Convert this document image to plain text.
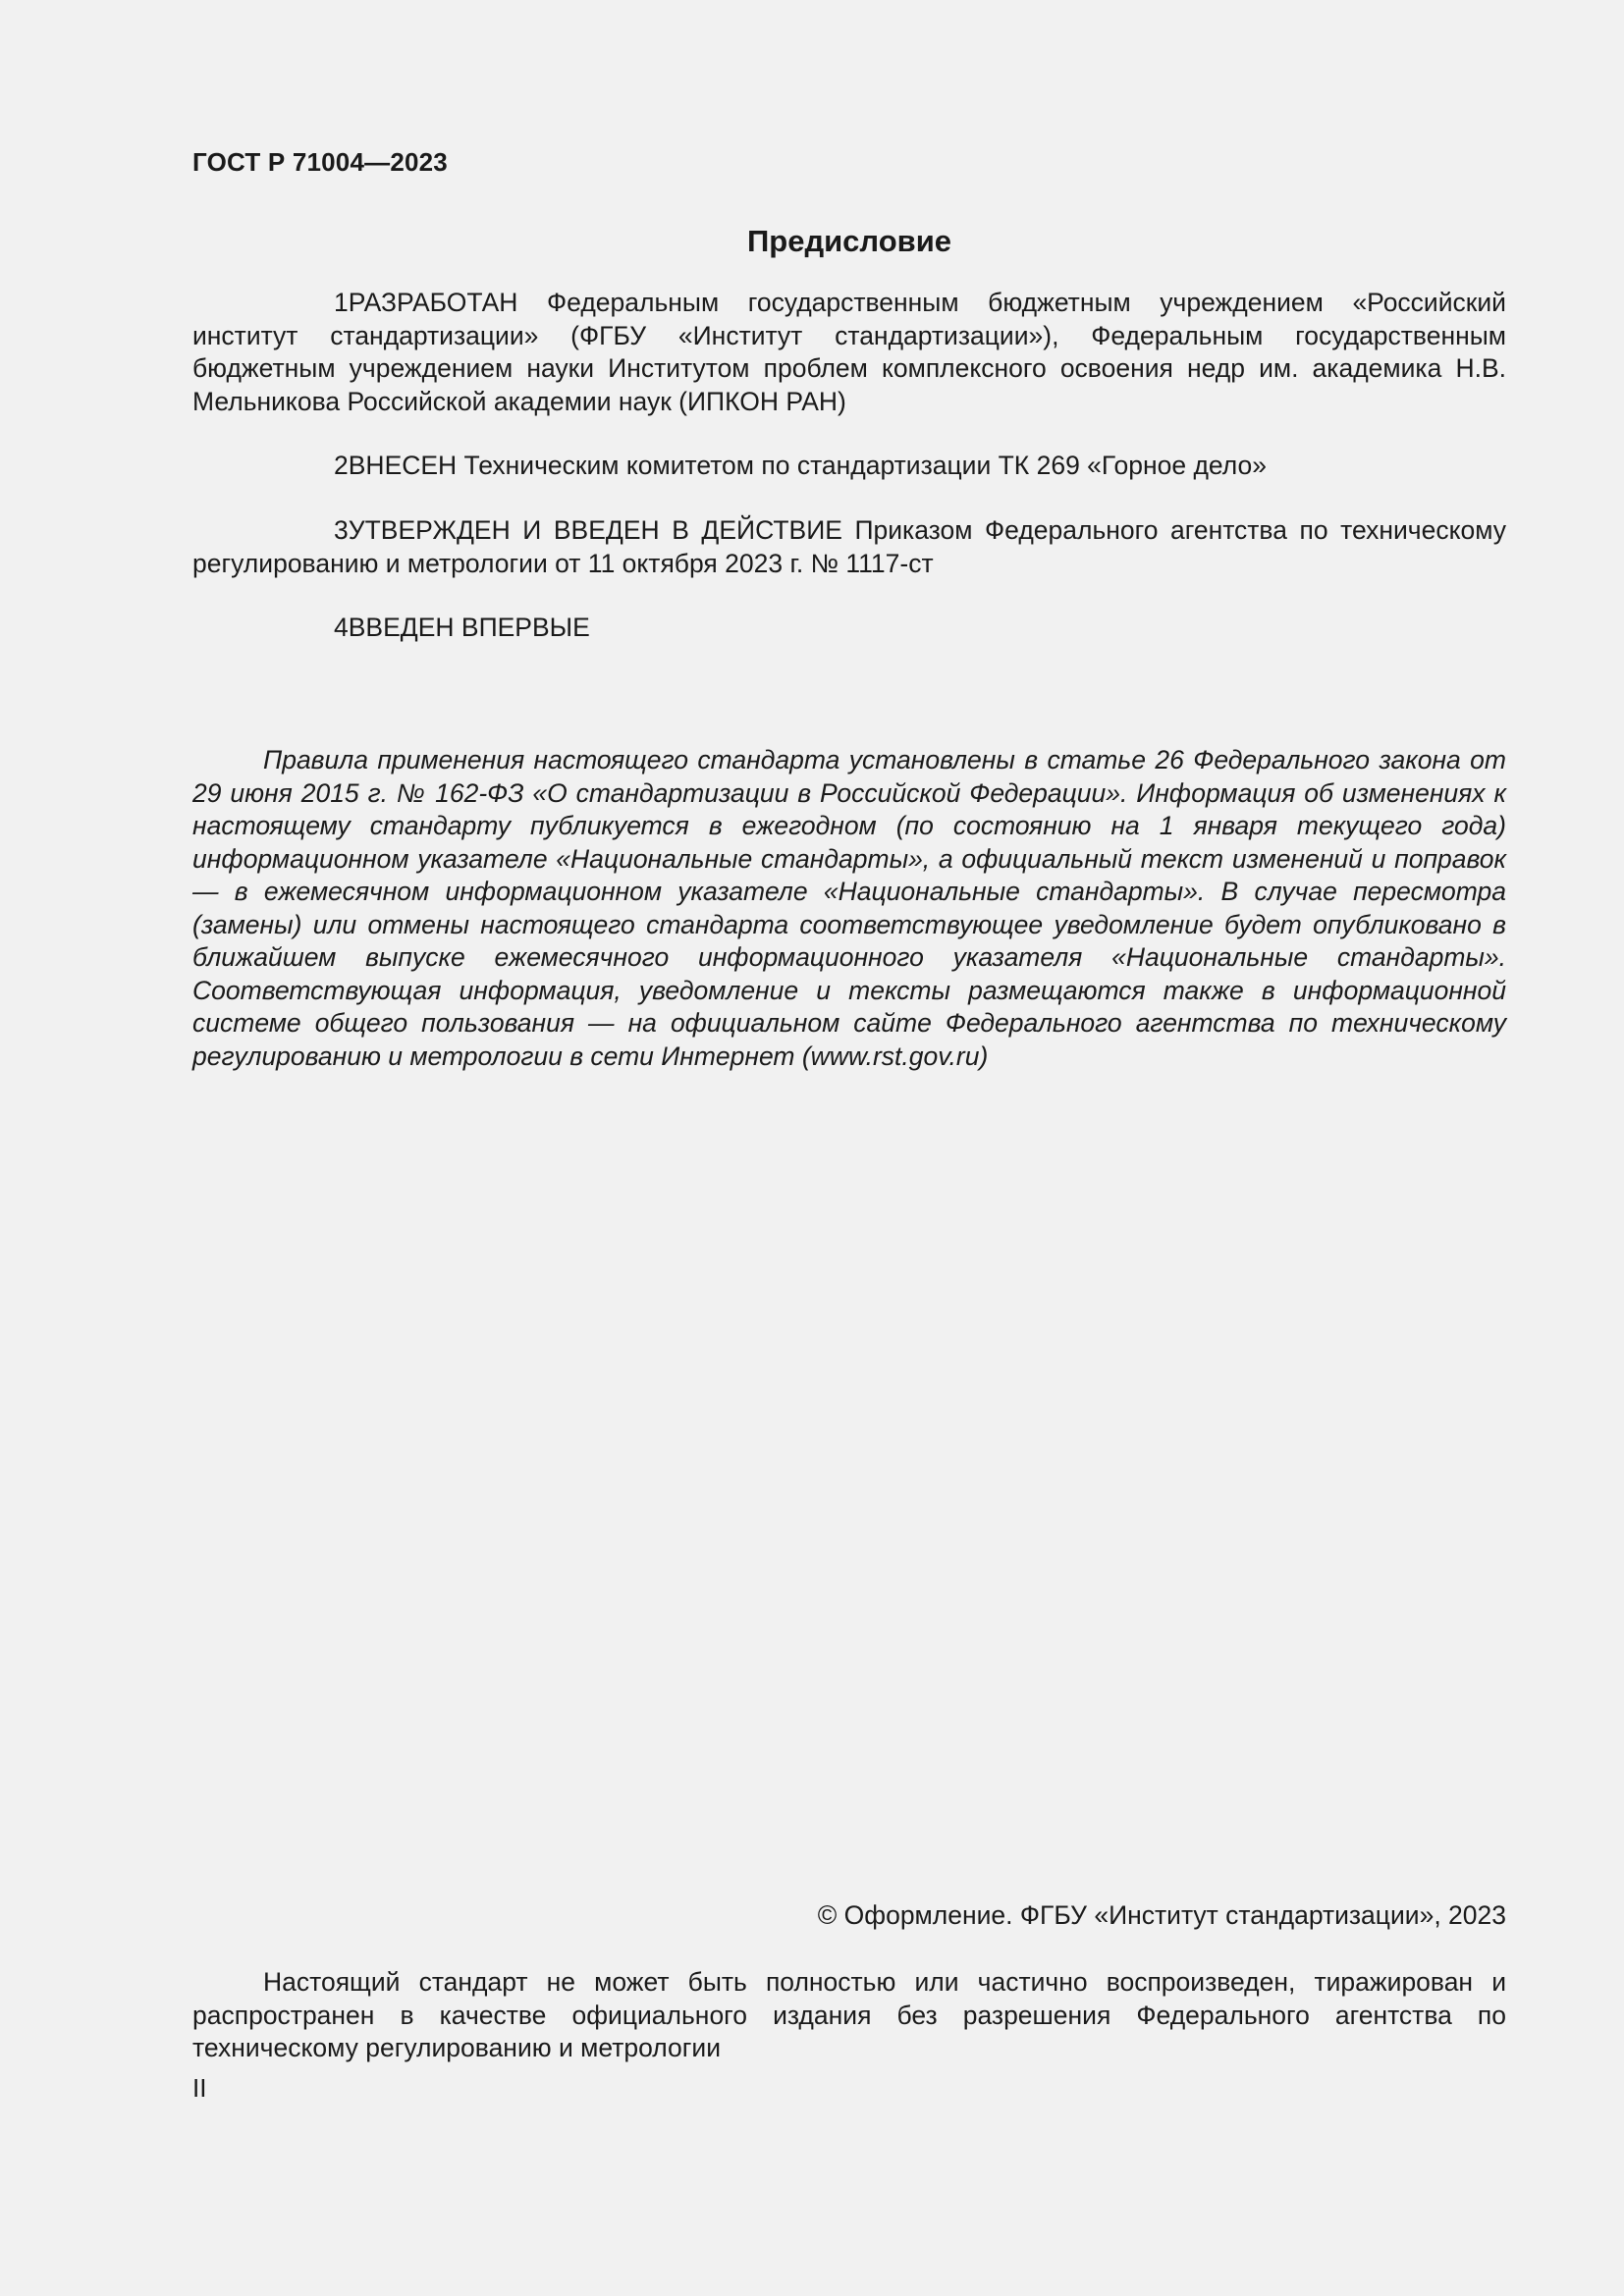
ГОСТ Р 71004—2023
Предисловие

1РАЗРАБОТАН Федеральным государственным бюджетным учреждением «Российский институт стандартизации» (ФГБУ «Институт стандартизации»), Федеральным государственным бюджетным учреждением науки Институтом проблем комплексного освоения недр им. академика Н.В. Мельникова Российской академии наук (ИПКОН РАН)

2ВНЕСЕН Техническим комитетом по стандартизации ТК 269 «Горное дело»

3УТВЕРЖДЕН И ВВЕДЕН В ДЕЙСТВИЕ Приказом Федерального агентства по техническому регулированию и метрологии от 11 октября 2023 г. № 1117-ст

4ВВЕДЕН ВПЕРВЫЕ

Правила применения настоящего стандарта установлены в статье 26 Федерального закона от 29 июня 2015 г. № 162-ФЗ «О стандартизации в Российской Федерации». Информация об изменениях к настоящему стандарту публикуется в ежегодном (по состоянию на 1 января текущего года) информационном указателе «Национальные стандарты», а официальный текст изменений и поправок — в ежемесячном информационном указателе «Национальные стандарты». В случае пересмотра (замены) или отмены настоящего стандарта соответствующее уведомление будет опубликовано в ближайшем выпуске ежемесячного информационного указателя «Национальные стандарты». Соответствующая информация, уведомление и тексты размещаются также в информационной системе общего пользования — на официальном сайте Федерального агентства по техническому регулированию и метрологии в сети Интернет (www.rst.gov.ru)

© Оформление. ФГБУ «Институт стандартизации», 2023

Настоящий стандарт не может быть полностью или частично воспроизведен, тиражирован и распространен в качестве официального издания без разрешения Федерального агентства по техническому регулированию и метрологии

II
